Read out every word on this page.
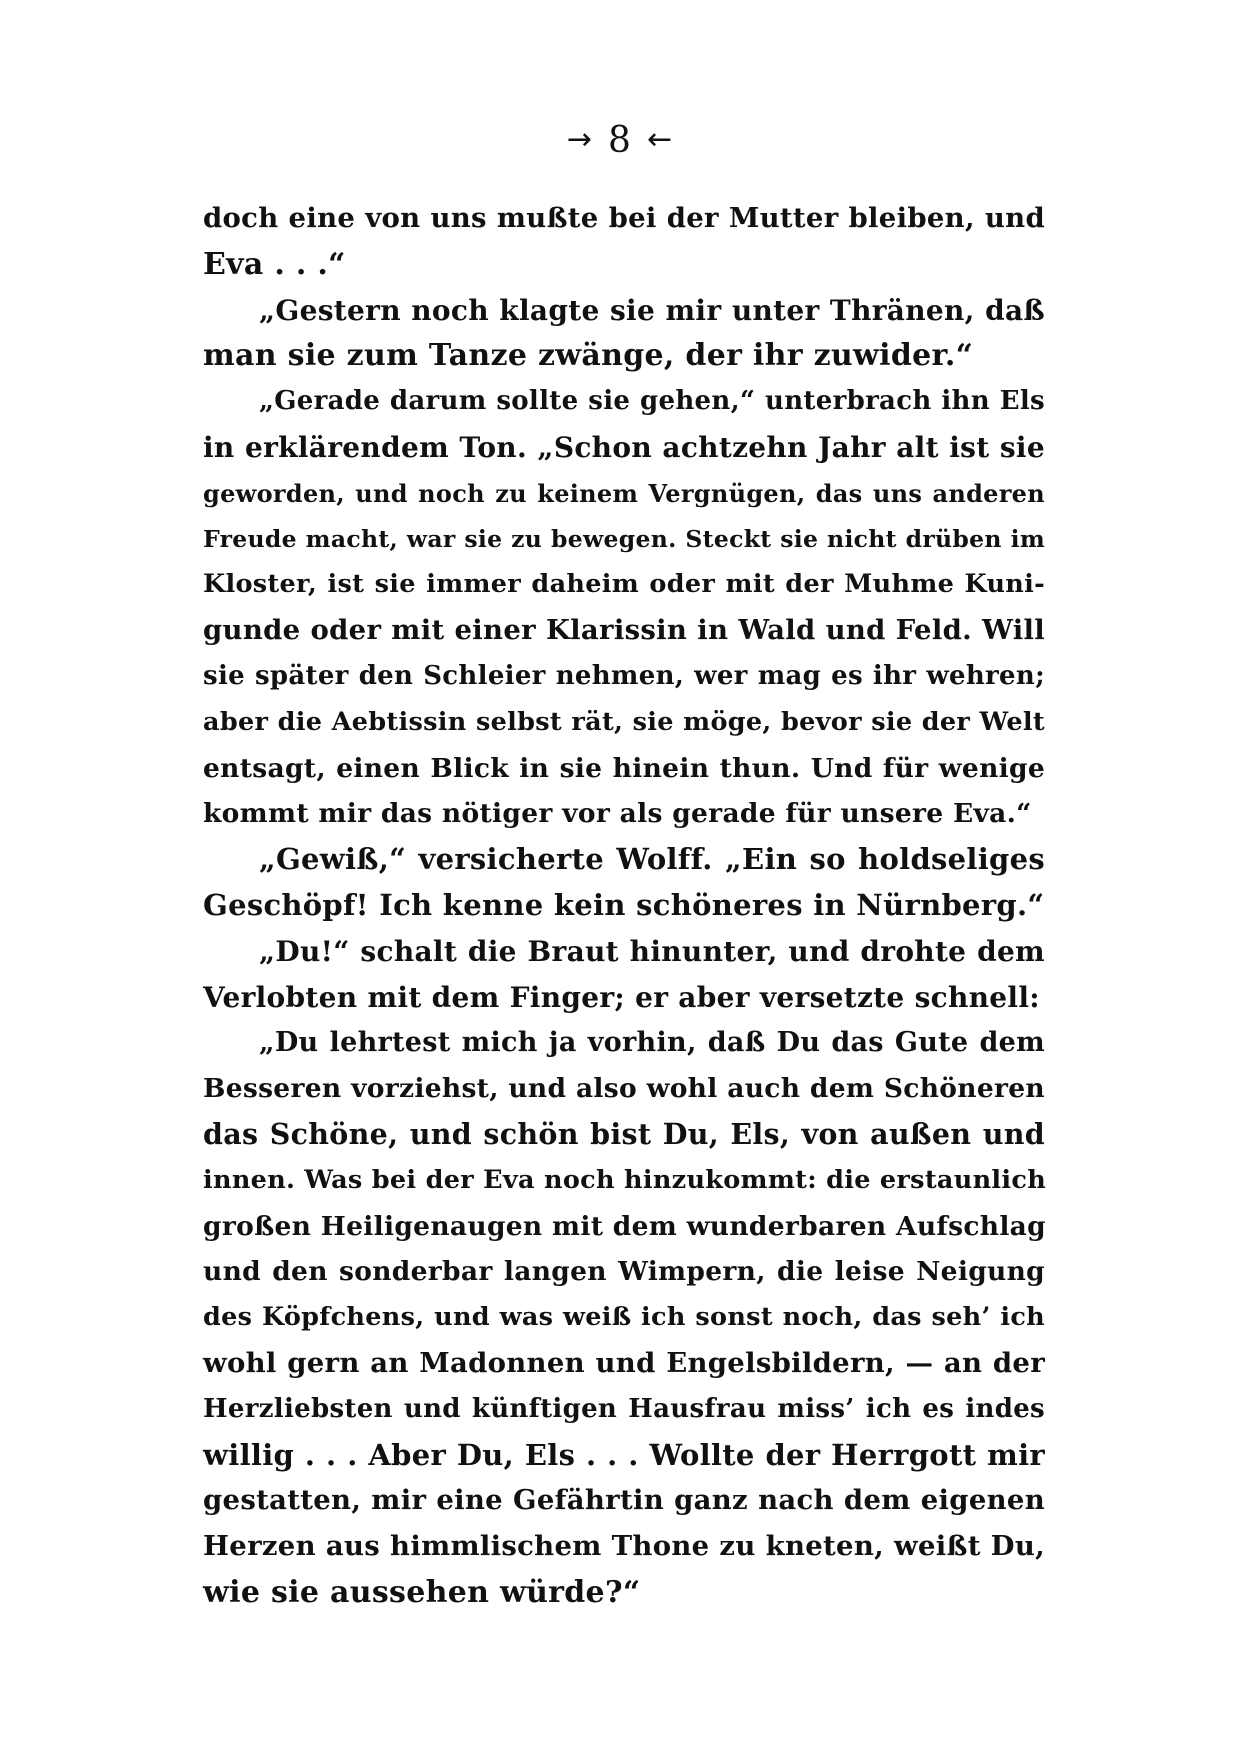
→ 8 ←
doch eine von uns mußte bei der Mutter bleiben, und
Eva . . .“
„Gestern noch klagte sie mir unter Thränen, daß
man sie zum Tanze zwänge, der ihr zuwider.“
„Gerade darum sollte sie gehen,“ unterbrach ihn Els
in erklärendem Ton. „Schon achtzehn Jahr alt ist sie
geworden, und noch zu keinem Vergnügen, das uns anderen
Freude macht, war sie zu bewegen. Steckt sie nicht drüben im
Kloster, ist sie immer daheim oder mit der Muhme Kuni-
gunde oder mit einer Klarissin in Wald und Feld. Will
sie später den Schleier nehmen, wer mag es ihr wehren;
aber die Aebtissin selbst rät, sie möge, bevor sie der Welt
entsagt, einen Blick in sie hinein thun. Und für wenige
kommt mir das nötiger vor als gerade für unsere Eva.“
„Gewiß,“ versicherte Wolff. „Ein so holdseliges
Geschöpf! Ich kenne kein schöneres in Nürnberg.“
„Du!“ schalt die Braut hinunter, und drohte dem
Verlobten mit dem Finger; er aber versetzte schnell:
„Du lehrtest mich ja vorhin, daß Du das Gute dem
Besseren vorziehst, und also wohl auch dem Schöneren
das Schöne, und schön bist Du, Els, von außen und
innen. Was bei der Eva noch hinzukommt: die erstaunlich
großen Heiligenaugen mit dem wunderbaren Aufschlag
und den sonderbar langen Wimpern, die leise Neigung
des Köpfchens, und was weiß ich sonst noch, das seh’ ich
wohl gern an Madonnen und Engelsbildern, — an der
Herzliebsten und künftigen Hausfrau miss’ ich es indes
willig . . . Aber Du, Els . . . Wollte der Herrgott mir
gestatten, mir eine Gefährtin ganz nach dem eigenen
Herzen aus himmlischem Thone zu kneten, weißt Du,
wie sie aussehen würde?“
